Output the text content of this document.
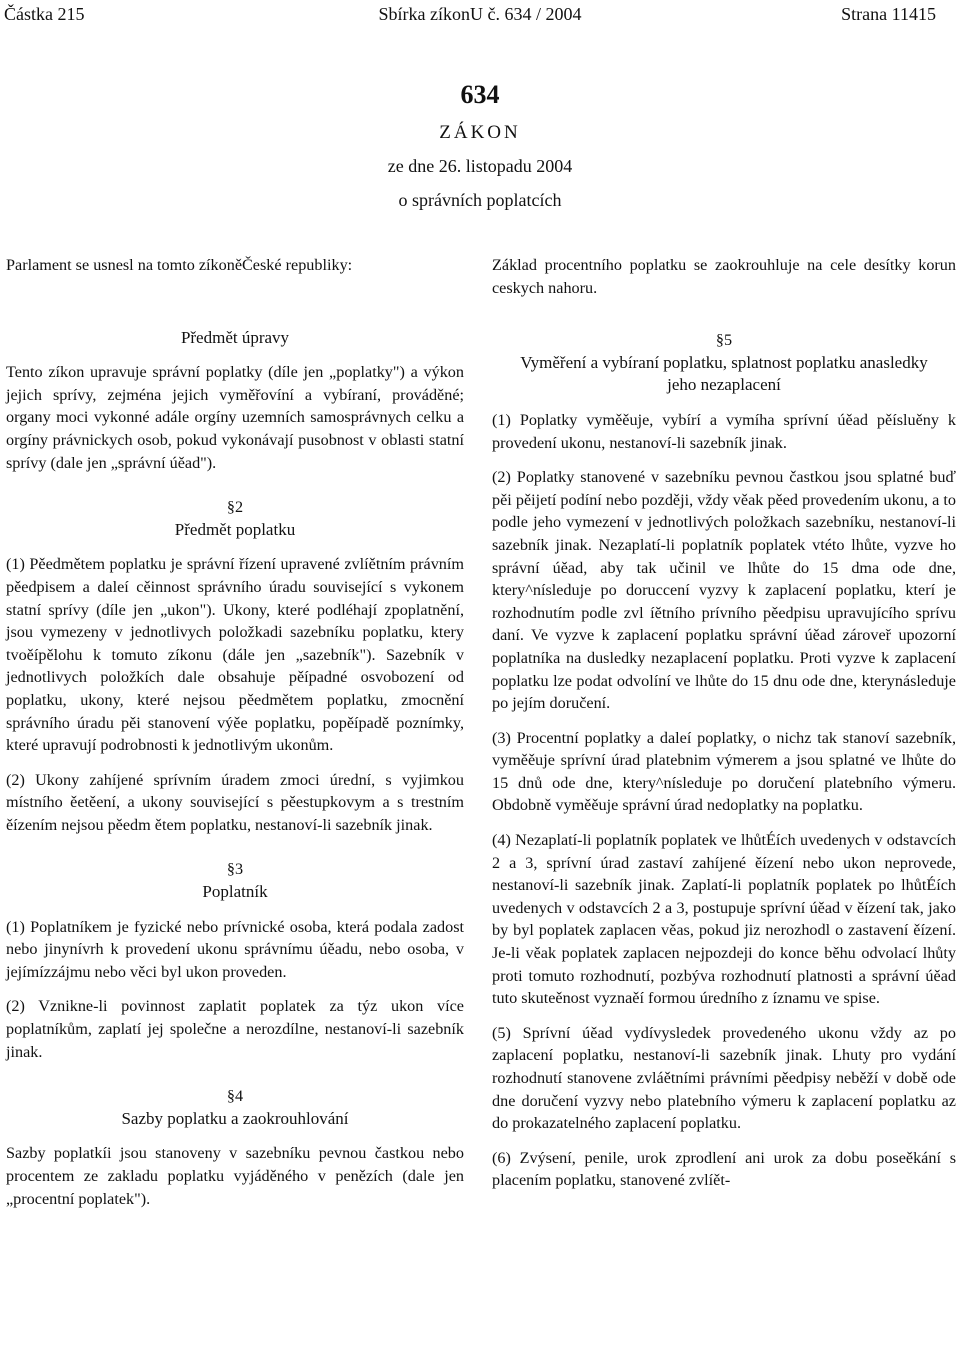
Částka 215	Sbírka zíkonU č. 634 / 2004	Strana 11415
634
ZÁKON
ze dne 26. listopadu 2004
o správních poplatcích

Parlament se usnesl na tomto zíkoněČeské republiky:

Předmět úpravy

Tento zíkon upravuje správní poplatky (díle jen „poplatky") a výkon jejich sprívy, zejména jejich vyměřovíní a vybíraní, prováděné; organy moci vykonné adále orgíny uzemních samosprávnych celku a orgíny právnickych osob, pokud vykonávají pusobnost v oblasti statní sprívy (dale jen „správní úěad").

§2

Předmět poplatku

(1) Pěedmětem poplatku je správní řízení upravené zvlíětním právním pěedpisem a daleí cěinnost správního úradu související s vykonem statní sprívy (díle jen „ukon"). Ukony, které podléhají zpoplatnění, jsou vymezeny v jednotlivych položkadi sazebníku poplatku, ktery tvoěípělohu k tomuto zíkonu (dále jen „sazebník"). Sazebník v jednotlivych položkích dale obsahuje pěípadné osvobození od poplatku, ukony, které nejsou pěedmětem poplatku, zmocnění správního úradu pěi stanovení výěe poplatku, popěípadě poznímky, které upravují podrobnosti k jednotlivým ukonům.

(2) Ukony zahíjené sprívním úradem zmoci úrední, s vyjimkou místního ěetěení, a ukony související s pěestupkovym a s trestním ěízením nejsou pěedm ětem poplatku, nestanoví-li sazebník jinak.

§3

Poplatník

(1) Poplatníkem je fyzické nebo prívnické osoba, která podala zadost nebo jinynívrh k provedení ukonu správnímu úěadu, nebo osoba, v jejímízzájmu nebo věci byl ukon proveden.

(2) Vznikne-li povinnost zaplatit poplatek za týz ukon více poplatníkům, zaplatí jej společne a nerozdílne, nestanoví-li sazebník jinak.

§4

Sazby poplatku a zaokrouhlování

Sazby poplatkíi jsou stanoveny v sazebníku pevnou častkou nebo procentem ze zakladu poplatku vyjáděného v penězích (dale jen „procentní poplatek").

Základ procentního poplatku se zaokrouhluje na cele desítky korun ceskych nahoru.

§5

Vyměření a vybíraní poplatku, splatnost poplatku anasledky jeho nezaplacení

(1) Poplatky vyměěuje, vybírí a vymíha sprívní úěad pěísluěny k provedení ukonu, nestanoví-li sazebník jinak.

(2) Poplatky stanovené v sazebníku pevnou častkou jsou splatné buď pěi pěijetí podíní nebo později, vždy věak pěed provedením ukonu, a to podle jeho vymezení v jednotlivých položkach sazebníku, nestanoví-li sazebník jinak. Nezaplatí-li poplatník poplatek vtéto lhůte, vyzve ho správní úěad, aby tak učinil ve lhůte do 15 dma ode dne, ktery^nísleduje po doruccení vyzvy k zaplacení poplatku, kterí je rozhodnutím podle zvl íětního prívního pěedpisu upravujícího sprívu daní. Ve vyzve k zaplacení poplatku správní úěad zároveř upozorní poplatníka na dusledky nezaplacení poplatku. Proti vyzve k zaplacení poplatku lze podat odvolíní ve lhůte do 15 dnu ode dne, kterynásleduje po jejím doručení.

(3) Procentní poplatky a daleí poplatky, o nichz tak stanoví sazebník, vyměěuje sprívní úrad platebnim výmerem a jsou splatné ve lhůte do 15 dnů ode dne, ktery^nísleduje po doručení platebního výmeru. Obdobně vyměěuje správní úrad nedoplatky na poplatku.

(4) Nezaplatí-li poplatník poplatek ve lhůtÉích uvedenych v odstavcích 2 a 3, sprívní úrad zastaví zahíjené ěízení nebo ukon neprovede, nestanoví-li sazebník jinak. Zaplatí-li poplatník poplatek po lhůtÉích uvedenych v odstavcích 2 a 3, postupuje sprívní úěad v ěízení tak, jako by byl poplatek zaplacen věas, pokud jiz nerozhodl o zastavení ěízení. Je-li věak poplatek zaplacen nejpozdeji do konce běhu odvolací lhůty proti tomuto rozhodnutí, pozbýva rozhodnutí platnosti a správní úěad tuto skuteěnost vyznaěí formou úredního z íznamu ve spise.

(5) Sprívní úěad vydívysledek provedeného ukonu vždy az po zaplacení poplatku, nestanoví-li sazebník jinak. Lhuty pro vydání rozhodnutí stanovene zvláětními právními pěedpisy neběží v době ode dne doručení vyzvy nebo platebního výmeru k zaplacení poplatku az do prokazatelného zaplacení poplatku.

(6) Zvýsení, penile, urok zprodlení ani urok za dobu poseěkání s placením poplatku, stanovené zvlíět-
